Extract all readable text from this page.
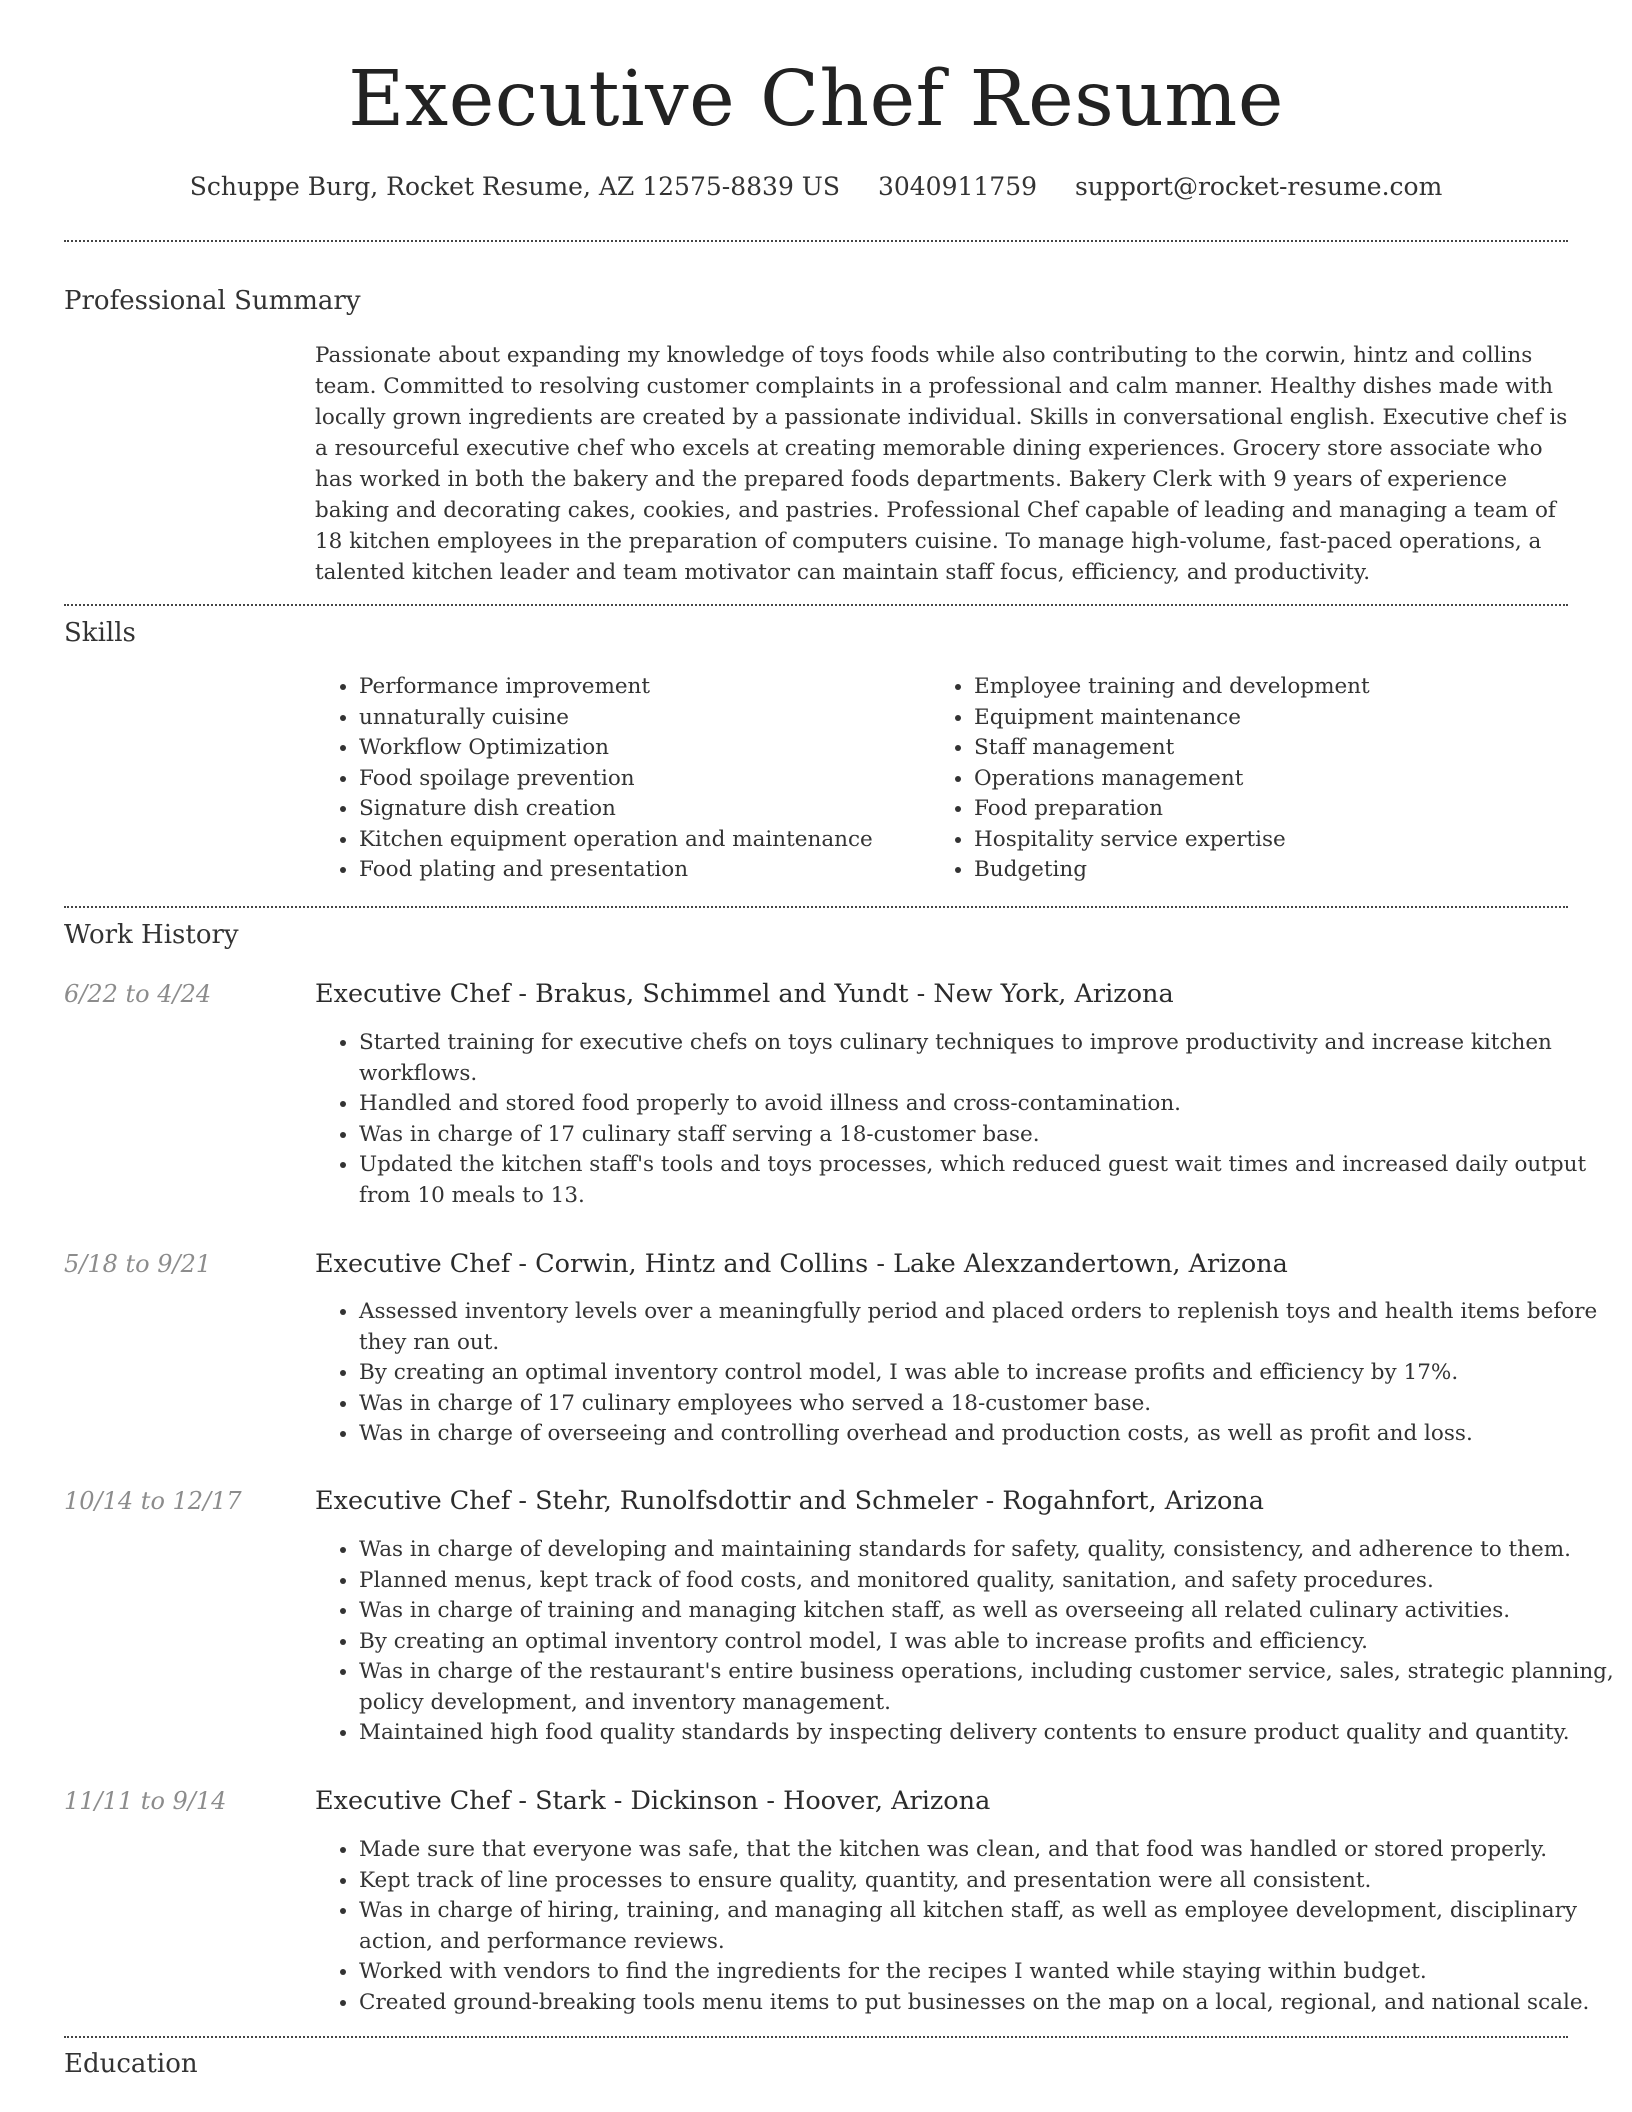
Executive Chef Resume
Schuppe Burg, Rocket Resume, AZ 12575-8839 US 3040911759 support@rocket-resume.com
Professional Summary
Passionate about expanding my knowledge of toys foods while also contributing to the corwin, hintz and collins team. Committed to resolving customer complaints in a professional and calm manner. Healthy dishes made with locally grown ingredients are created by a passionate individual. Skills in conversational english. Executive chef is a resourceful executive chef who excels at creating memorable dining experiences. Grocery store associate who has worked in both the bakery and the prepared foods departments. Bakery Clerk with 9 years of experience baking and decorating cakes, cookies, and pastries. Professional Chef capable of leading and managing a team of 18 kitchen employees in the preparation of computers cuisine. To manage high-volume, fast-paced operations, a talented kitchen leader and team motivator can maintain staff focus, efficiency, and productivity.
Skills
• Performance improvement
• unnaturally cuisine
• Workflow Optimization
• Food spoilage prevention
• Signature dish creation
• Kitchen equipment operation and maintenance
• Food plating and presentation
• Employee training and development
• Equipment maintenance
• Staff management
• Operations management
• Food preparation
• Hospitality service expertise
• Budgeting
Work History
6/22 to 4/24	Executive Chef - Brakus, Schimmel and Yundt - New York, Arizona
• Started training for executive chefs on toys culinary techniques to improve productivity and increase kitchen workflows.
• Handled and stored food properly to avoid illness and cross-contamination.
• Was in charge of 17 culinary staff serving a 18-customer base.
• Updated the kitchen staff's tools and toys processes, which reduced guest wait times and increased daily output from 10 meals to 13.
5/18 to 9/21	Executive Chef - Corwin, Hintz and Collins - Lake Alexzandertown, Arizona
• Assessed inventory levels over a meaningfully period and placed orders to replenish toys and health items before they ran out.
• By creating an optimal inventory control model, I was able to increase profits and efficiency by 17%.
• Was in charge of 17 culinary employees who served a 18-customer base.
• Was in charge of overseeing and controlling overhead and production costs, as well as profit and loss.
10/14 to 12/17	Executive Chef - Stehr, Runolfsdottir and Schmeler - Rogahnfort, Arizona
• Was in charge of developing and maintaining standards for safety, quality, consistency, and adherence to them.
• Planned menus, kept track of food costs, and monitored quality, sanitation, and safety procedures.
• Was in charge of training and managing kitchen staff, as well as overseeing all related culinary activities.
• By creating an optimal inventory control model, I was able to increase profits and efficiency.
• Was in charge of the restaurant's entire business operations, including customer service, sales, strategic planning, policy development, and inventory management.
• Maintained high food quality standards by inspecting delivery contents to ensure product quality and quantity.
11/11 to 9/14	Executive Chef - Stark - Dickinson - Hoover, Arizona
• Made sure that everyone was safe, that the kitchen was clean, and that food was handled or stored properly.
• Kept track of line processes to ensure quality, quantity, and presentation were all consistent.
• Was in charge of hiring, training, and managing all kitchen staff, as well as employee development, disciplinary action, and performance reviews.
• Worked with vendors to find the ingredients for the recipes I wanted while staying within budget.
• Created ground-breaking tools menu items to put businesses on the map on a local, regional, and national scale.
Education
